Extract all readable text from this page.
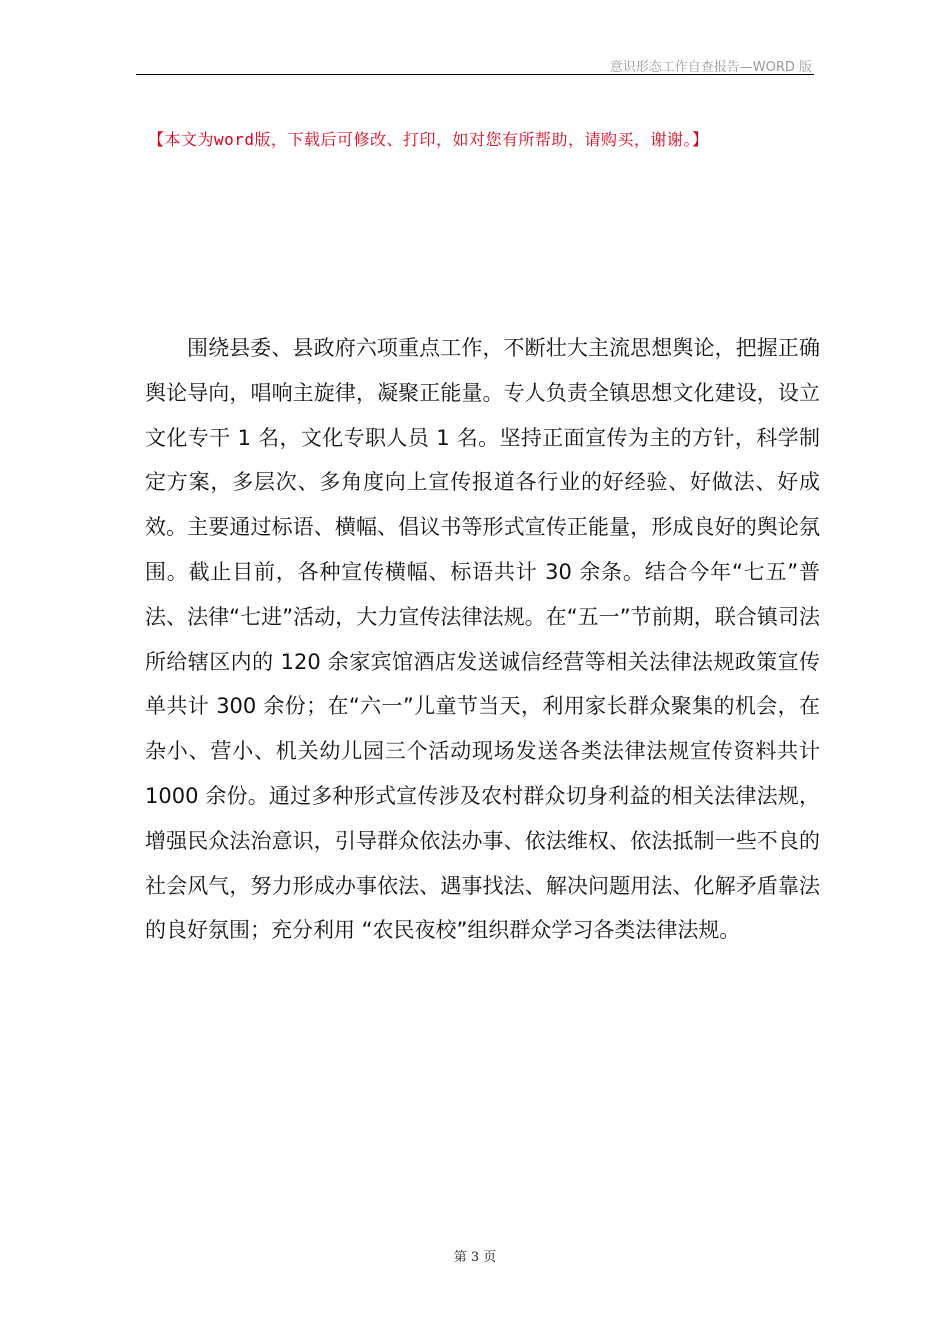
意识形态工作自查报告—WORD 版
【本文为word版，下载后可修改、打印，如对您有所帮助，请购买，谢谢。】

围绕县委、县政府六项重点工作，不断壮大主流思想舆论，把握正确舆论导向，唱响主旋律，凝聚正能量。专人负责全镇思想文化建设，设立文化专干 1 名，文化专职人员 1 名。坚持正面宣传为主的方针，科学制定方案，多层次、多角度向上宣传报道各行业的好经验、好做法、好成效。主要通过标语、横幅、倡议书等形式宣传正能量，形成良好的舆论氛围。截止目前，各种宣传横幅、标语共计 30 余条。结合今年“七五”普法、法律“七进”活动，大力宣传法律法规。在“五一”节前期，联合镇司法所给辖区内的 120 余家宾馆酒店发送诚信经营等相关法律法规政策宣传单共计 300 余份；在“六一”儿童节当天，利用家长群众聚集的机会，在杂小、营小、机关幼儿园三个活动现场发送各类法律法规宣传资料共计 1000 余份。通过多种形式宣传涉及农村群众切身利益的相关法律法规，增强民众法治意识，引导群众依法办事、依法维权、依法抵制一些不良的社会风气，努力形成办事依法、遇事找法、解决问题用法、化解矛盾靠法的良好氛围；充分利用 “农民夜校”组织群众学习各类法律法规。

第 3 页
